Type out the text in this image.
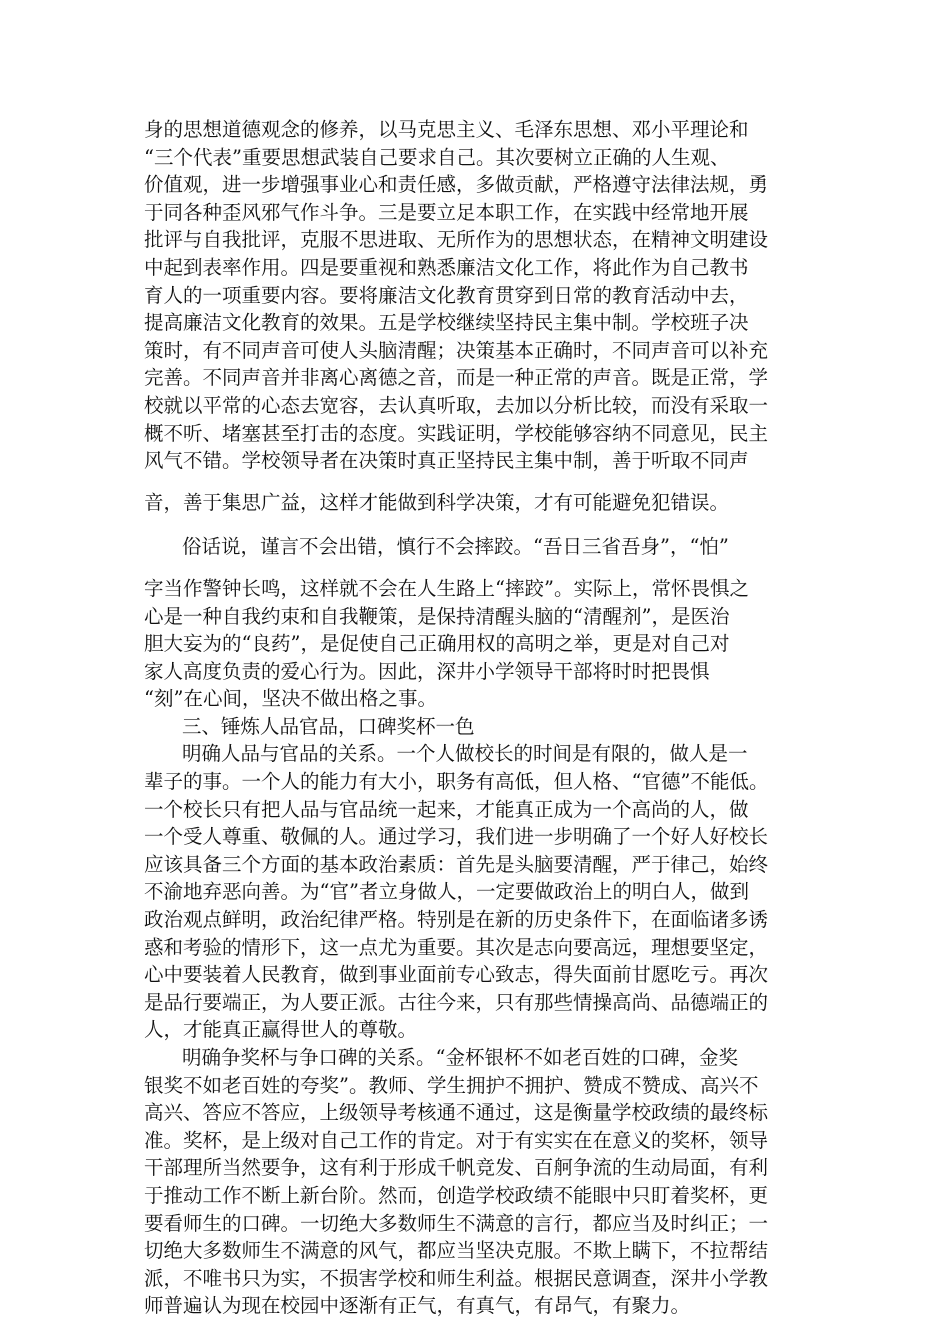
身的思想道德观念的修养，以马克思主义、毛泽东思想、邓小平理论和
“三个代表”重要思想武装自己要求自己。其次要树立正确的人生观、
价值观，进一步增强事业心和责任感，多做贡献，严格遵守法律法规，勇
于同各种歪风邪气作斗争。三是要立足本职工作，在实践中经常地开展
批评与自我批评，克服不思进取、无所作为的思想状态，在精神文明建设
中起到表率作用。四是要重视和熟悉廉洁文化工作，将此作为自己教书
育人的一项重要内容。要将廉洁文化教育贯穿到日常的教育活动中去，
提高廉洁文化教育的效果。五是学校继续坚持民主集中制。学校班子决
策时，有不同声音可使人头脑清醒；决策基本正确时，不同声音可以补充
完善。不同声音并非离心离德之音，而是一种正常的声音。既是正常，学
校就以平常的心态去宽容，去认真听取，去加以分析比较，而没有采取一
概不听、堵塞甚至打击的态度。实践证明，学校能够容纳不同意见，民主
风气不错。学校领导者在决策时真正坚持民主集中制，善于听取不同声
音，善于集思广益，这样才能做到科学决策，才有可能避免犯错误。
俗话说，谨言不会出错，慎行不会摔跤。“吾日三省吾身”，“怕”
字当作警钟长鸣，这样就不会在人生路上“摔跤”。实际上，常怀畏惧之
心是一种自我约束和自我鞭策，是保持清醒头脑的“清醒剂”，是医治
胆大妄为的“良药”，是促使自己正确用权的高明之举，更是对自己对
家人高度负责的爱心行为。因此，深井小学领导干部将时时把畏惧
“刻”在心间，坚决不做出格之事。
三、锤炼人品官品，口碑奖杯一色
明确人品与官品的关系。一个人做校长的时间是有限的，做人是一
辈子的事。一个人的能力有大小，职务有高低，但人格、“官德”不能低。
一个校长只有把人品与官品统一起来，才能真正成为一个高尚的人，做
一个受人尊重、敬佩的人。通过学习，我们进一步明确了一个好人好校长
应该具备三个方面的基本政治素质：首先是头脑要清醒，严于律己，始终
不渝地弃恶向善。为“官”者立身做人，一定要做政治上的明白人，做到
政治观点鲜明，政治纪律严格。特别是在新的历史条件下，在面临诸多诱
惑和考验的情形下，这一点尤为重要。其次是志向要高远，理想要坚定，
心中要装着人民教育，做到事业面前专心致志，得失面前甘愿吃亏。再次
是品行要端正，为人要正派。古往今来，只有那些情操高尚、品德端正的
人，才能真正赢得世人的尊敬。
明确争奖杯与争口碑的关系。“金杯银杯不如老百姓的口碑，金奖
银奖不如老百姓的夸奖”。教师、学生拥护不拥护、赞成不赞成、高兴不
高兴、答应不答应，上级领导考核通不通过，这是衡量学校政绩的最终标
准。奖杯，是上级对自己工作的肯定。对于有实实在在意义的奖杯，领导
干部理所当然要争，这有利于形成千帆竞发、百舸争流的生动局面，有利
于推动工作不断上新台阶。然而，创造学校政绩不能眼中只盯着奖杯，更
要看师生的口碑。一切绝大多数师生不满意的言行，都应当及时纠正；一
切绝大多数师生不满意的风气，都应当坚决克服。不欺上瞒下，不拉帮结
派，不唯书只为实，不损害学校和师生利益。根据民意调查，深井小学教
师普遍认为现在校园中逐渐有正气，有真气，有昂气，有聚力。
